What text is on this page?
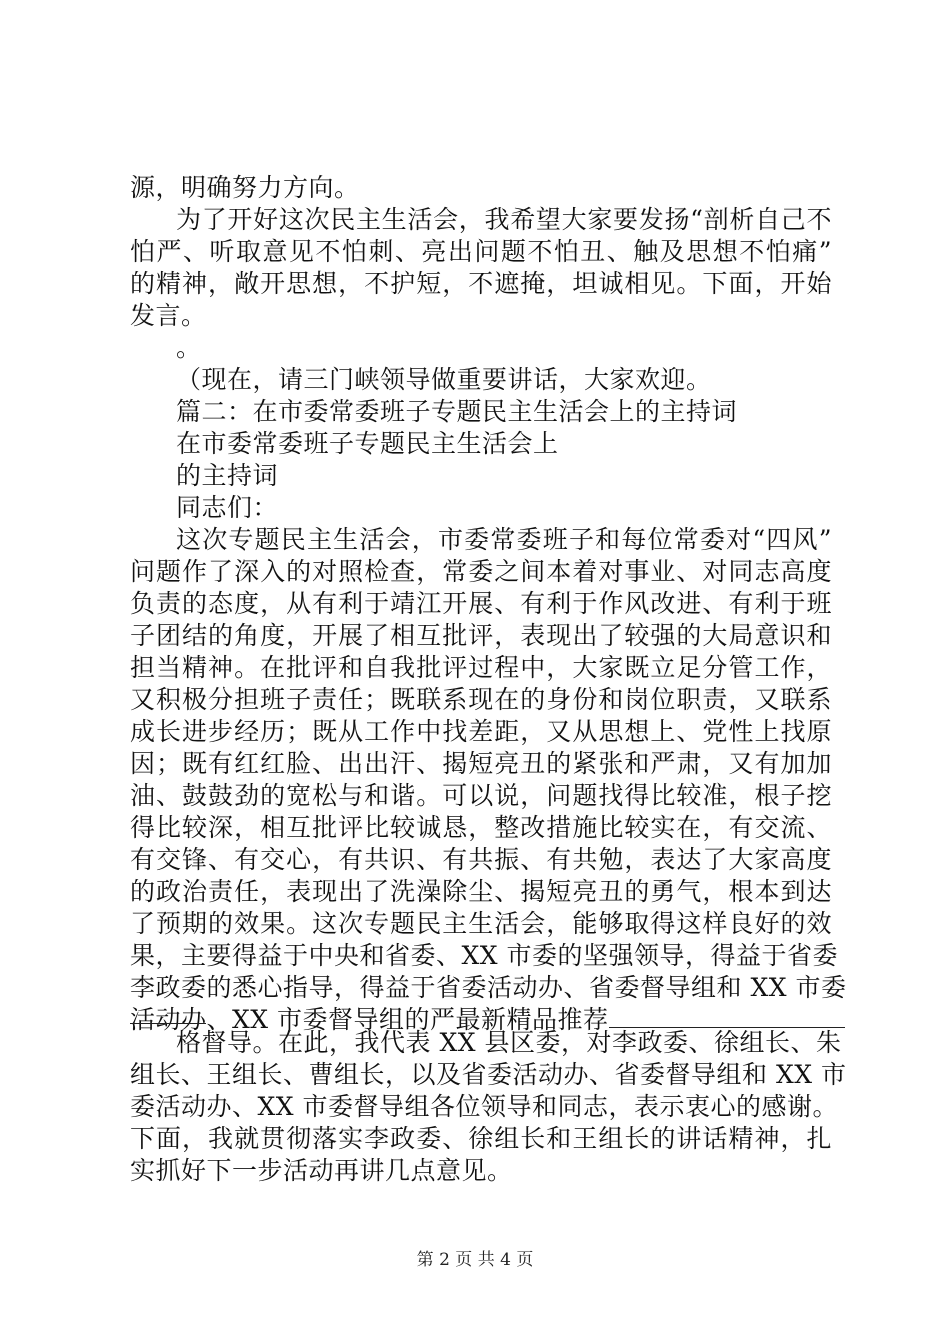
源，明确努力方向。
为了开好这次民主生活会，我希望大家要发扬“剖析自己不
怕严、听取意见不怕刺、亮出问题不怕丑、触及思想不怕痛”
的精神，敞开思想，不护短，不遮掩，坦诚相见。下面，开始
发言。
。
（现在，请三门峡领导做重要讲话，大家欢迎。
篇二：在市委常委班子专题民主生活会上的主持词
在市委常委班子专题民主生活会上
的主持词
同志们：
这次专题民主生活会，市委常委班子和每位常委对“四风”
问题作了深入的对照检查，常委之间本着对事业、对同志高度
负责的态度，从有利于靖江开展、有利于作风改进、有利于班
子团结的角度，开展了相互批评，表现出了较强的大局意识和
担当精神。在批评和自我批评过程中，大家既立足分管工作，
又积极分担班子责任；既联系现在的身份和岗位职责，又联系
成长进步经历；既从工作中找差距，又从思想上、党性上找原
因；既有红红脸、出出汗、揭短亮丑的紧张和严肃，又有加加
油、鼓鼓劲的宽松与和谐。可以说，问题找得比较准，根子挖
得比较深，相互批评比较诚恳，整改措施比较实在，有交流、
有交锋、有交心，有共识、有共振、有共勉，表达了大家高度
的政治责任，表现出了洗澡除尘、揭短亮丑的勇气，根本到达
了预期的效果。这次专题民主生活会，能够取得这样良好的效
果，主要得益于中央和省委、XX 市委的坚强领导，得益于省委
李政委的悉心指导，得益于省委活动办、省委督导组和 XX 市委
活动办、XX 市委督导组的严最新精品推荐
格督导。在此，我代表 XX 县区委，对李政委、徐组长、朱
组长、王组长、曹组长，以及省委活动办、省委督导组和 XX 市
委活动办、XX 市委督导组各位领导和同志，表示衷心的感谢。
下面，我就贯彻落实李政委、徐组长和王组长的讲话精神，扎
实抓好下一步活动再讲几点意见。
第 2 页 共 4 页
